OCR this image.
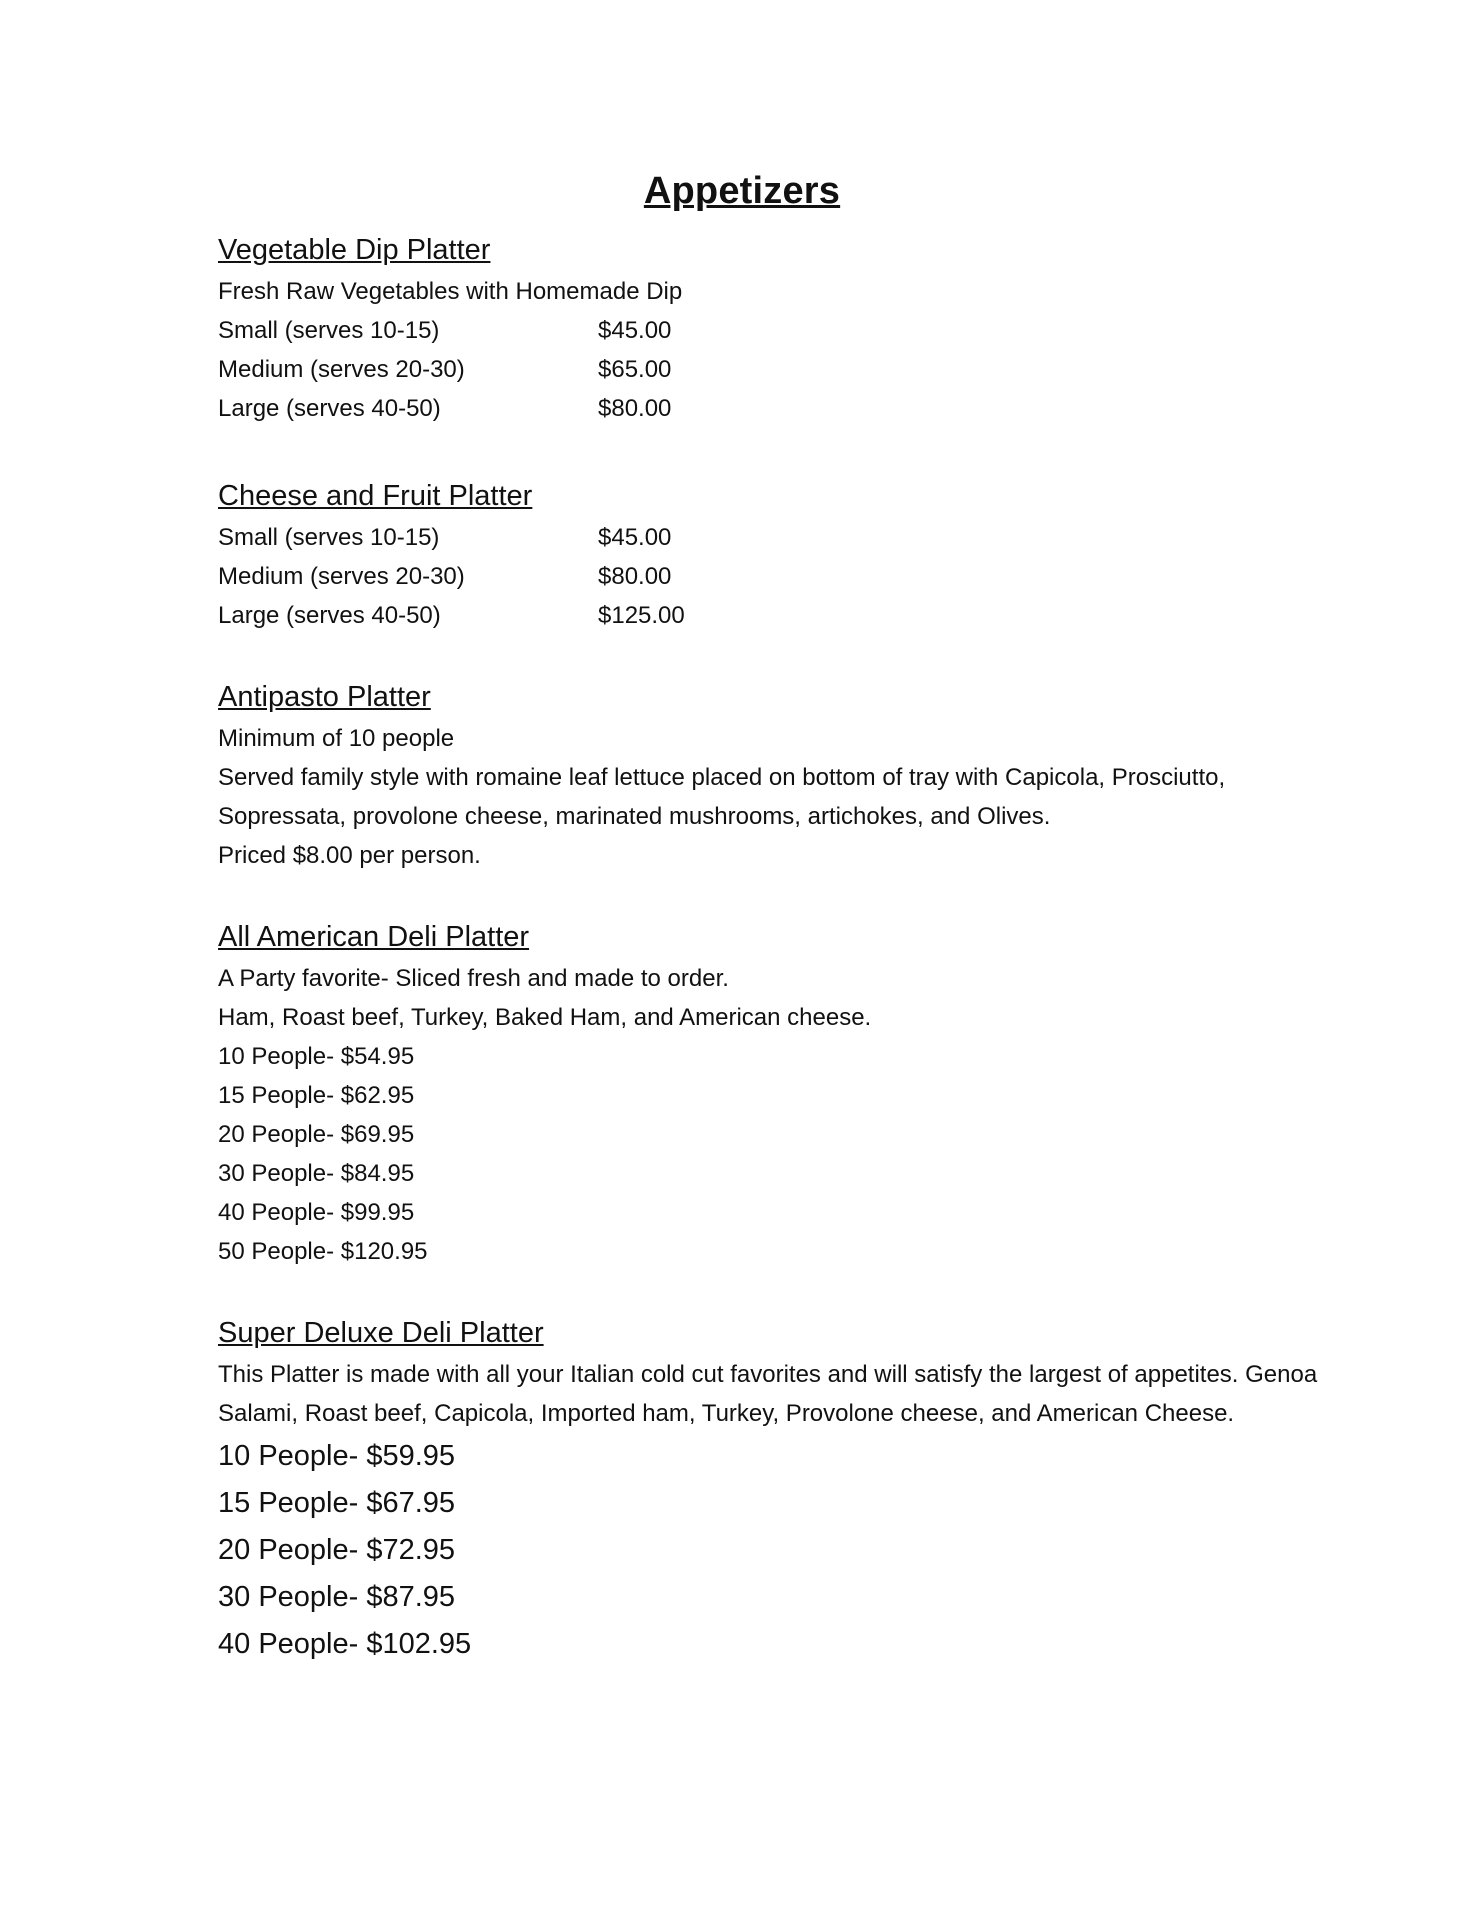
Appetizers
Vegetable Dip Platter
Fresh Raw Vegetables with Homemade Dip
Small (serves 10-15)	$45.00
Medium (serves 20-30)	$65.00
Large (serves 40-50)	$80.00
Cheese and Fruit Platter
Small (serves 10-15)	$45.00
Medium (serves 20-30)	$80.00
Large (serves 40-50)	$125.00
Antipasto Platter
Minimum of 10 people
Served family style with romaine leaf lettuce placed on bottom of tray with Capicola, Prosciutto, Sopressata, provolone cheese, marinated mushrooms, artichokes, and Olives.
Priced $8.00 per person.
All American Deli Platter
A Party favorite- Sliced fresh and made to order.
Ham, Roast beef, Turkey, Baked Ham, and American cheese.
10 People- $54.95
15 People- $62.95
20 People- $69.95
30 People- $84.95
40 People- $99.95
50 People- $120.95
Super Deluxe Deli Platter
This Platter is made with all your Italian cold cut favorites and will satisfy the largest of appetites. Genoa Salami, Roast beef, Capicola, Imported ham, Turkey, Provolone cheese, and American Cheese.
10 People- $59.95
15 People- $67.95
20 People- $72.95
30 People- $87.95
40 People- $102.95
